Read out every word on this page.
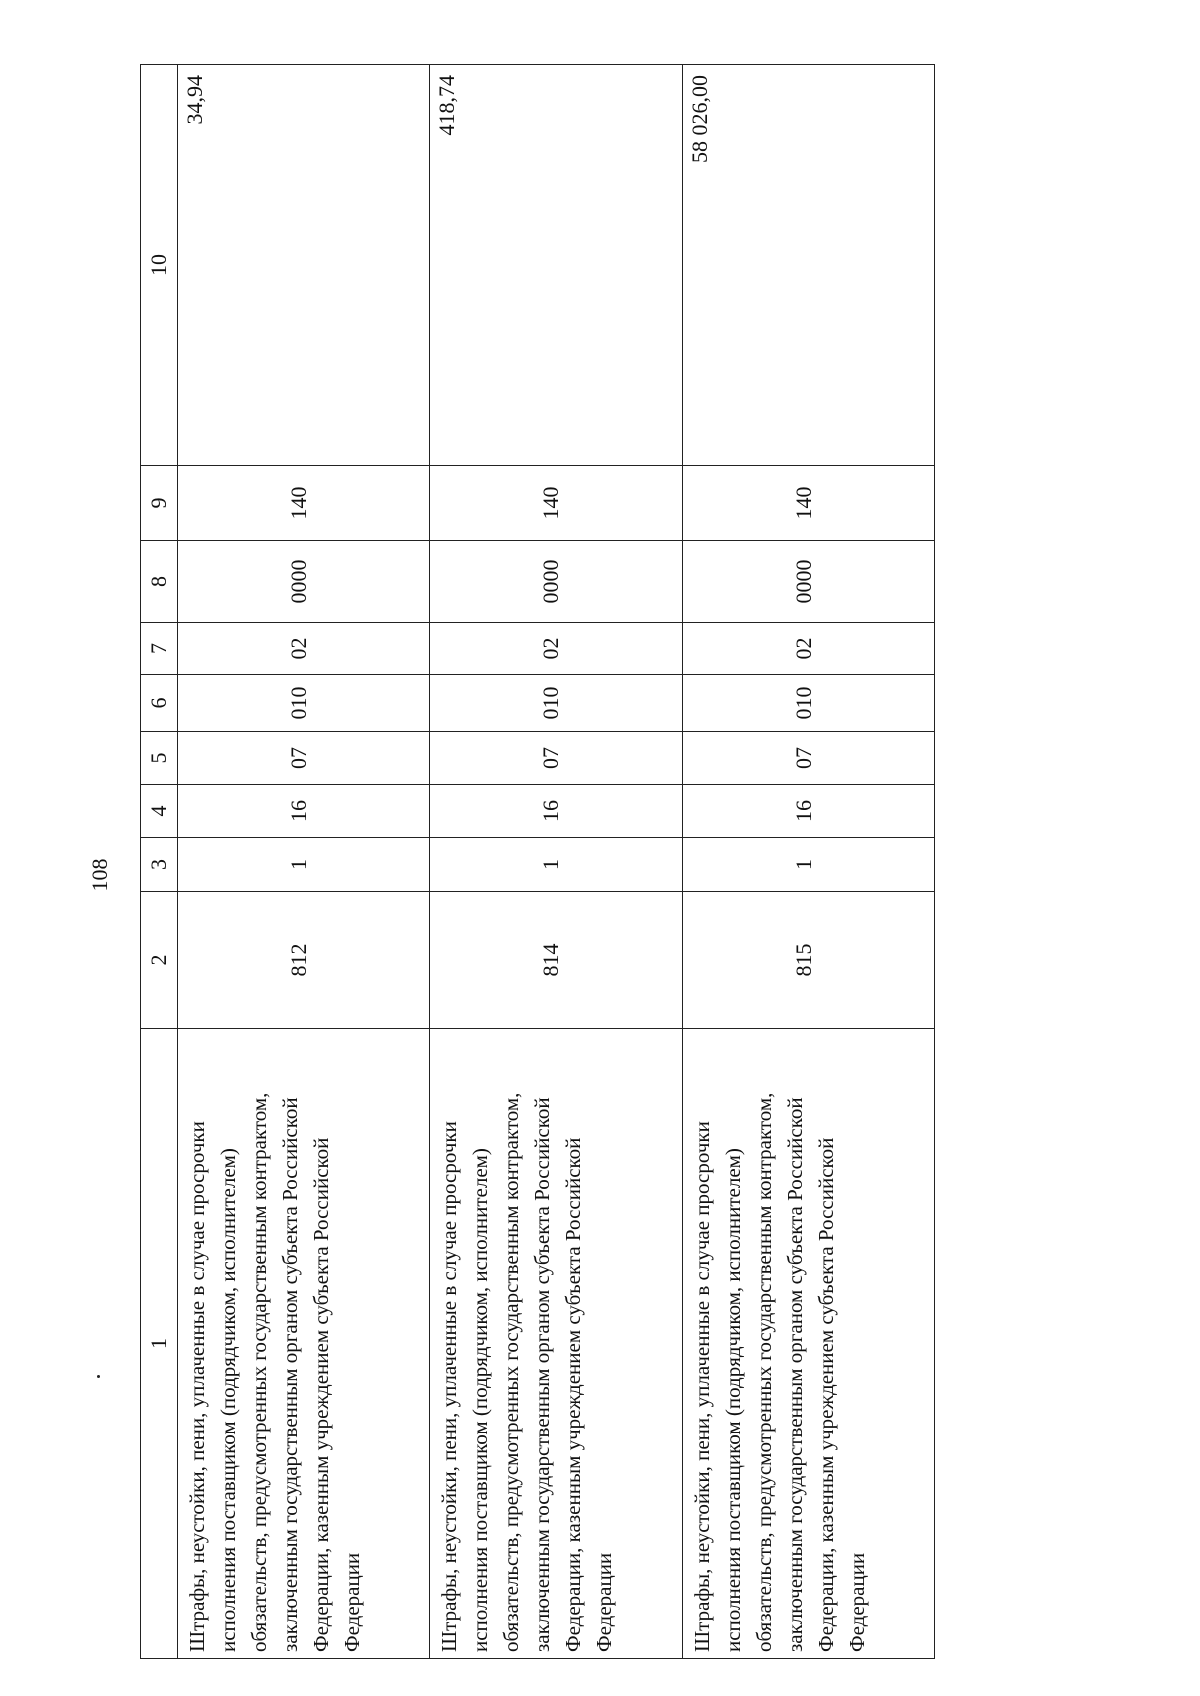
108
1	2	3	4	5	6	7	8	9	10
Штрафы, неустойки, пени, уплаченные в случае просрочки исполнения поставщиком (подрядчиком, исполнителем) обязательств, предусмотренных государственным контрактом, заключенным государственным органом субъекта Российской Федерации, казенным учреждением субъекта Российской Федерации	812	1	16	07	010	02	0000	140	34,94
Штрафы, неустойки, пени, уплаченные в случае просрочки исполнения поставщиком (подрядчиком, исполнителем) обязательств, предусмотренных государственным контрактом, заключенным государственным органом субъекта Российской Федерации, казенным учреждением субъекта Российской Федерации	814	1	16	07	010	02	0000	140	418,74
Штрафы, неустойки, пени, уплаченные в случае просрочки исполнения поставщиком (подрядчиком, исполнителем) обязательств, предусмотренных государственным контрактом, заключенным государственным органом субъекта Российской Федерации, казенным учреждением субъекта Российской Федерации	815	1	16	07	010	02	0000	140	58 026,00
